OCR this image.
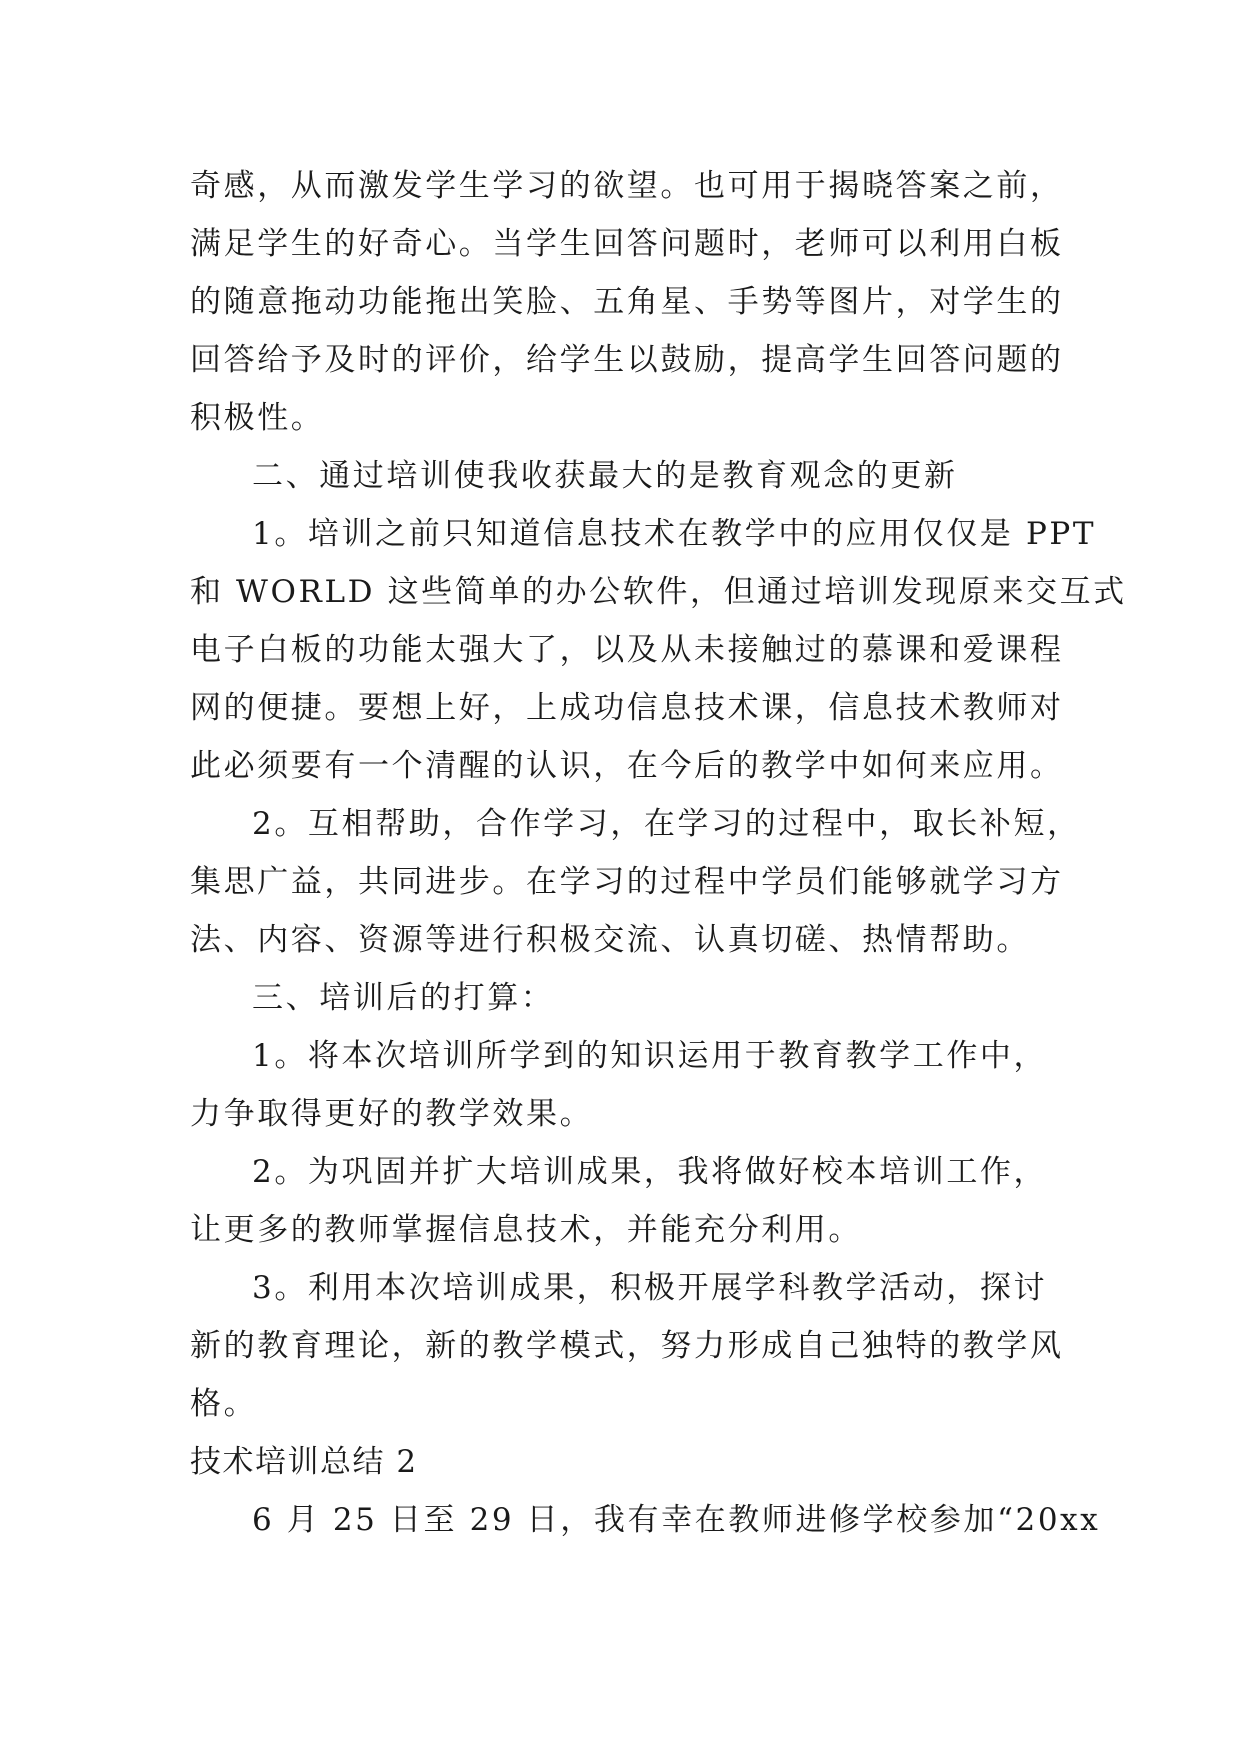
奇感，从而激发学生学习的欲望。也可用于揭晓答案之前，
满足学生的好奇心。当学生回答问题时，老师可以利用白板
的随意拖动功能拖出笑脸、五角星、手势等图片，对学生的
回答给予及时的评价，给学生以鼓励，提高学生回答问题的
积极性。
二、通过培训使我收获最大的是教育观念的更新
1。培训之前只知道信息技术在教学中的应用仅仅是 PPT
和 WORLD 这些简单的办公软件，但通过培训发现原来交互式
电子白板的功能太强大了，以及从未接触过的慕课和爱课程
网的便捷。要想上好，上成功信息技术课，信息技术教师对
此必须要有一个清醒的认识，在今后的教学中如何来应用。
2。互相帮助，合作学习，在学习的过程中，取长补短，
集思广益，共同进步。在学习的过程中学员们能够就学习方
法、内容、资源等进行积极交流、认真切磋、热情帮助。
三、培训后的打算：
1。将本次培训所学到的知识运用于教育教学工作中，
力争取得更好的教学效果。
2。为巩固并扩大培训成果，我将做好校本培训工作，
让更多的教师掌握信息技术，并能充分利用。
3。利用本次培训成果，积极开展学科教学活动，探讨
新的教育理论，新的教学模式，努力形成自己独特的教学风
格。
技术培训总结 2
6 月 25 日至 29 日，我有幸在教师进修学校参加“20xx
